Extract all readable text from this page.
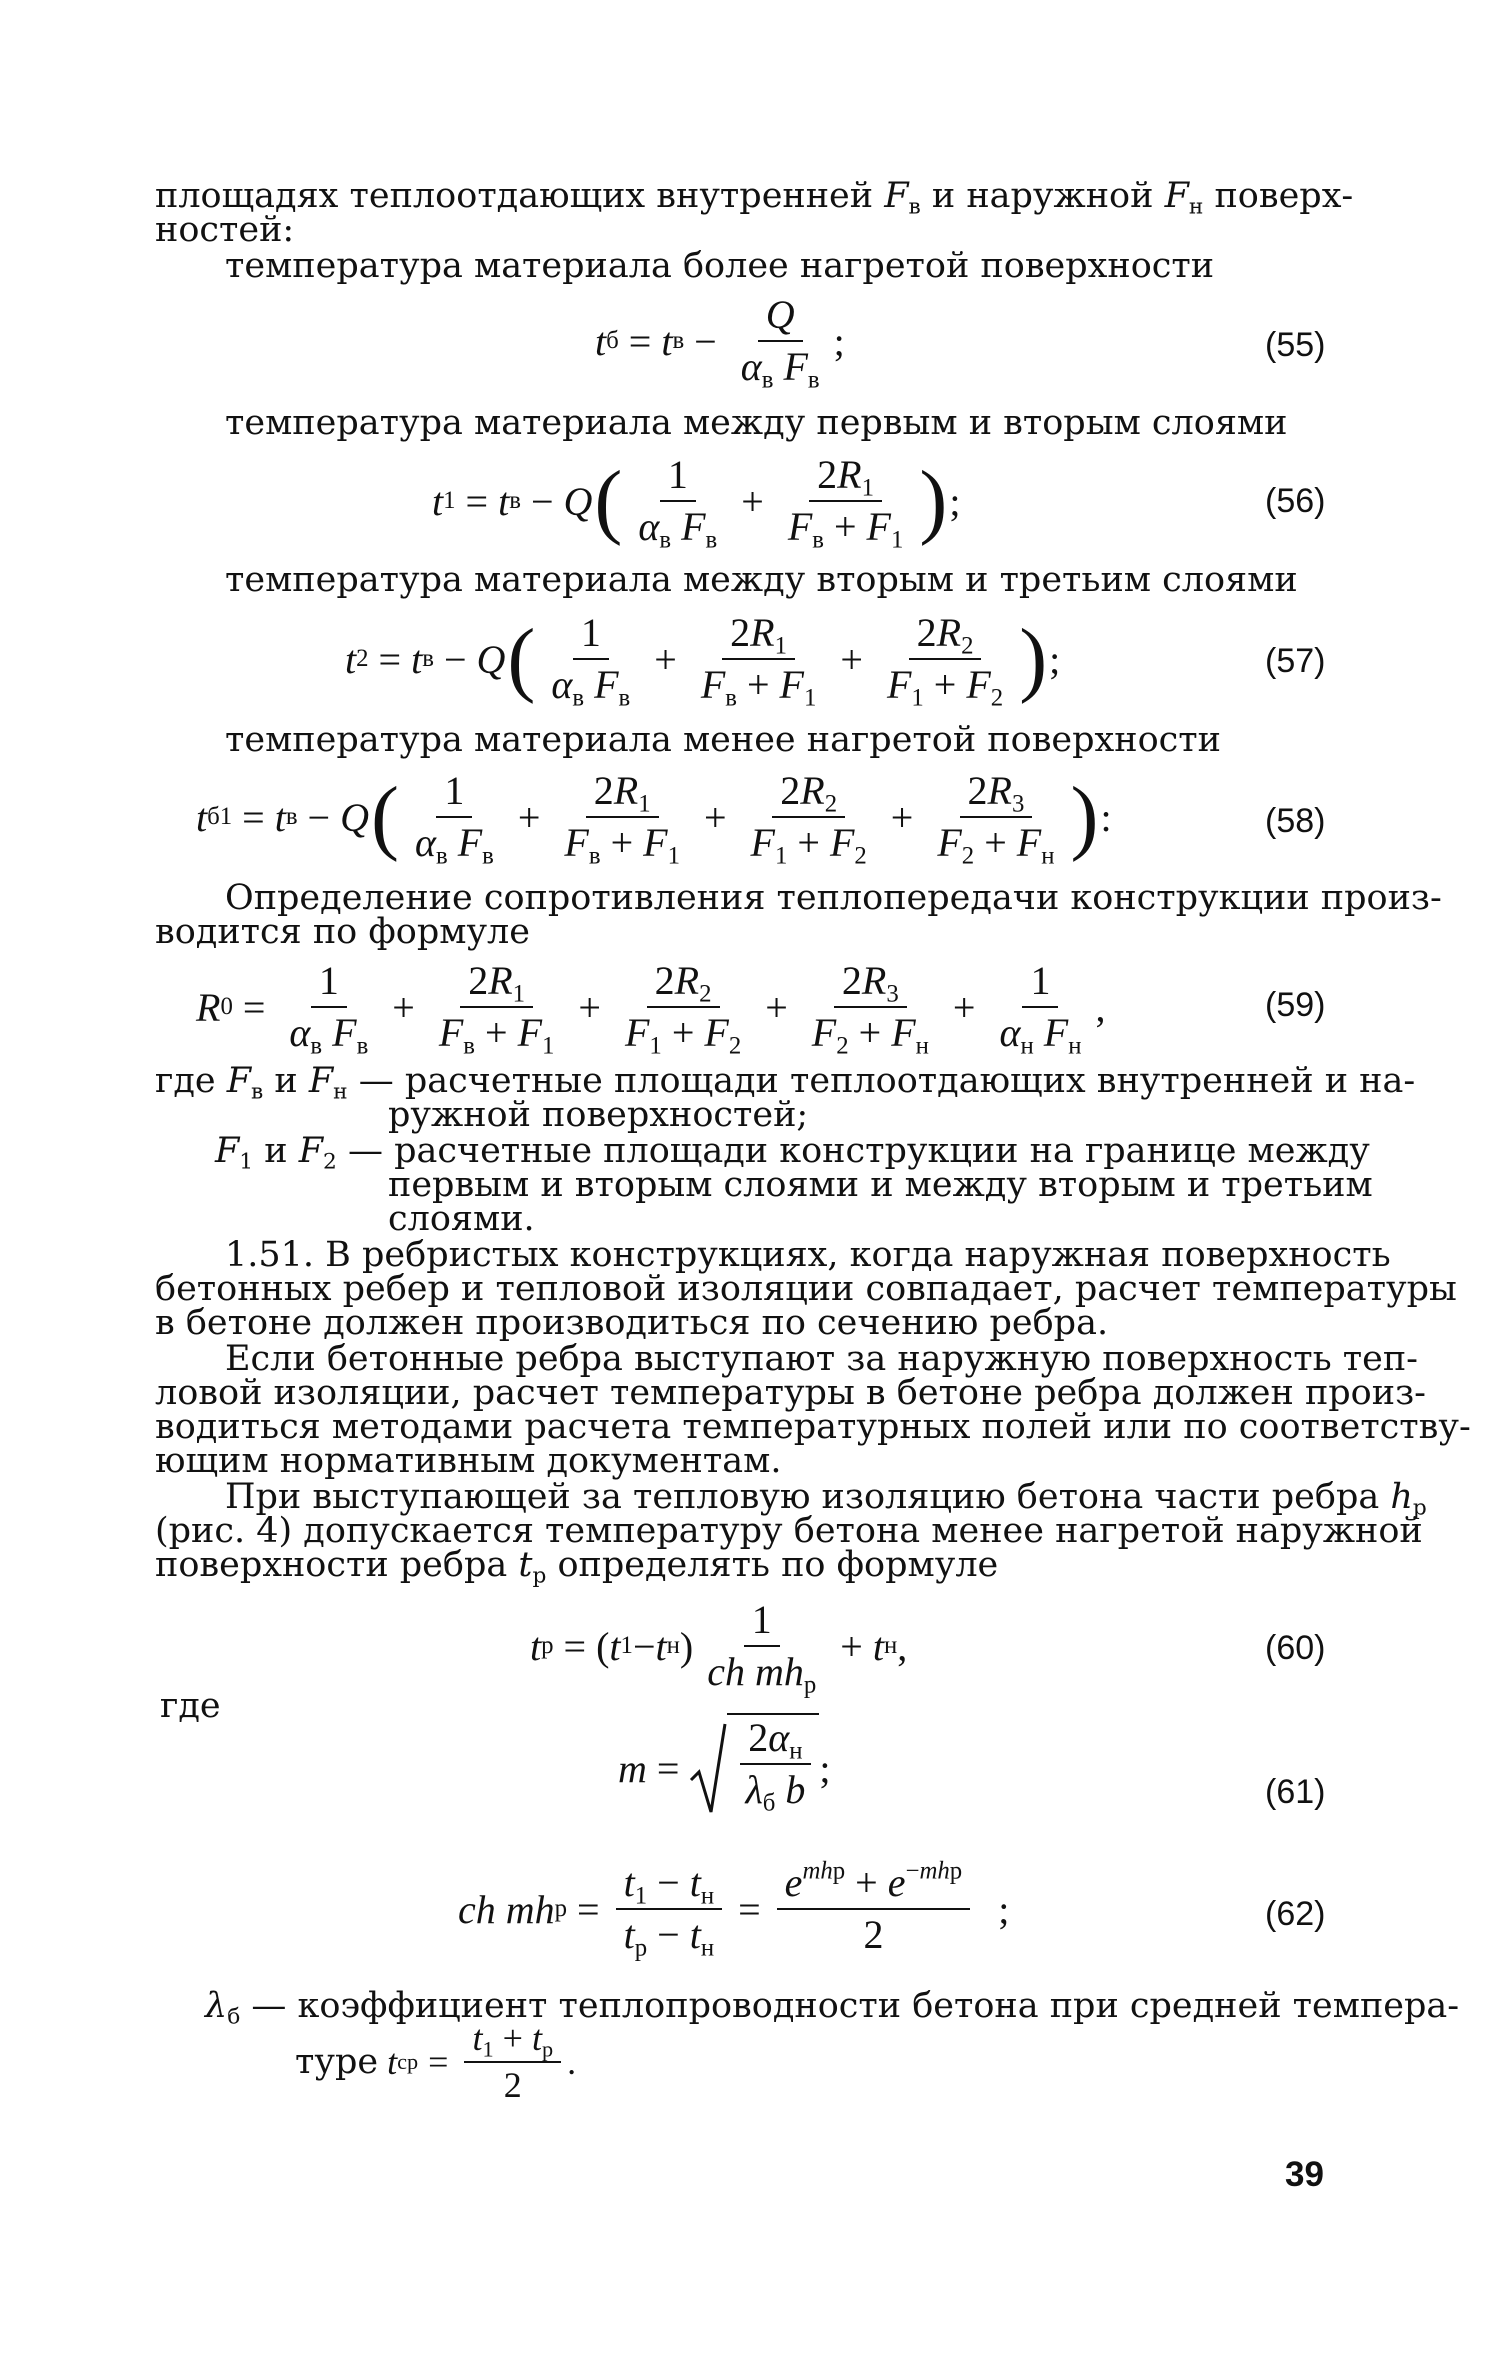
площадях теплоотдающих внутренней $F_в$ и наружной $F_н$ поверх-
ностей:
температура материала более нагретой поверхности
t б = t $в - \frac{Q}{\alpha_в F_в}$ ;	(55)
температура материала между первым и вторым слоями
t 1 = t в − Q ( $\frac{1}{\alpha_в F_в} + \frac{2R_1}{F_в + F_1}$ ) ;	(56)
температура материала между вторым и третьим слоями
t 2 = t в − Q ( $\frac{1}{\alpha_в F_в} + \frac{2R_1}{F_в + F_1} + \frac{2R_2}{F_1 + F_2}$ ) ;	(57)
температура материала менее нагретой поверхности
t б1 = t в − Q ( $\frac{1}{\alpha_в F_в} + \frac{2R_1}{F_в + F_1} + \frac{2R_2}{F_1 + F_2} + \frac{2R_3}{F_2 + F_н}$ ) :	(58)
Определение сопротивления теплопередачи конструкции произ-
водится по формуле
R $0 = \frac{1}{\alpha_в F_в} + \frac{2R_1}{F_в + F_1} + \frac{2R_2}{F_1 + F_2} + \frac{2R_3}{F_2 + F_н} + \frac{1}{\alpha_н F_н}$ ,	(59)
где $F_в$ и $F_н$ — расчетные площади теплоотдающих внутренней и на-
ружной поверхностей;
$F_1$ и $F_2$ — расчетные площади конструкции на границе между
первым и вторым слоями и между вторым и третьим
слоями.
1.51. В ребристых конструкциях, когда наружная поверхность
бетонных ребер и тепловой изоляции совпадает, расчет температуры
в бетоне должен производиться по сечению ребра.
Если бетонные ребра выступают за наружную поверхность теп-
ловой изоляции, расчет температуры в бетоне ребра должен произ-
водиться методами расчета температурных полей или по соответству-
ющим нормативным документам.
При выступающей за тепловую изоляцию бетона части ребра $h_р$
(рис. 4) допускается температуру бетона менее нагретой наружной
поверхности ребра $t_р$ определять по формуле
t р = ( t 1 − t н ) $\frac{1}{ch mh_р} + t$ н ,	(60)
где
$m = \frac{2\alpha_н}{\lambda_б b}$ ;
(61)
ch mh $р = \frac{t_1 - t_н}{t_р - t_н} = \frac{e^{mhр} + e^{-mhр}}{2}$ ;	(62)
$\lambda_б$ — коэффициент теплопроводности бетона при средней темпера-
туре
t ср = $\frac{t_1 + t_р}{2}$ .
39
